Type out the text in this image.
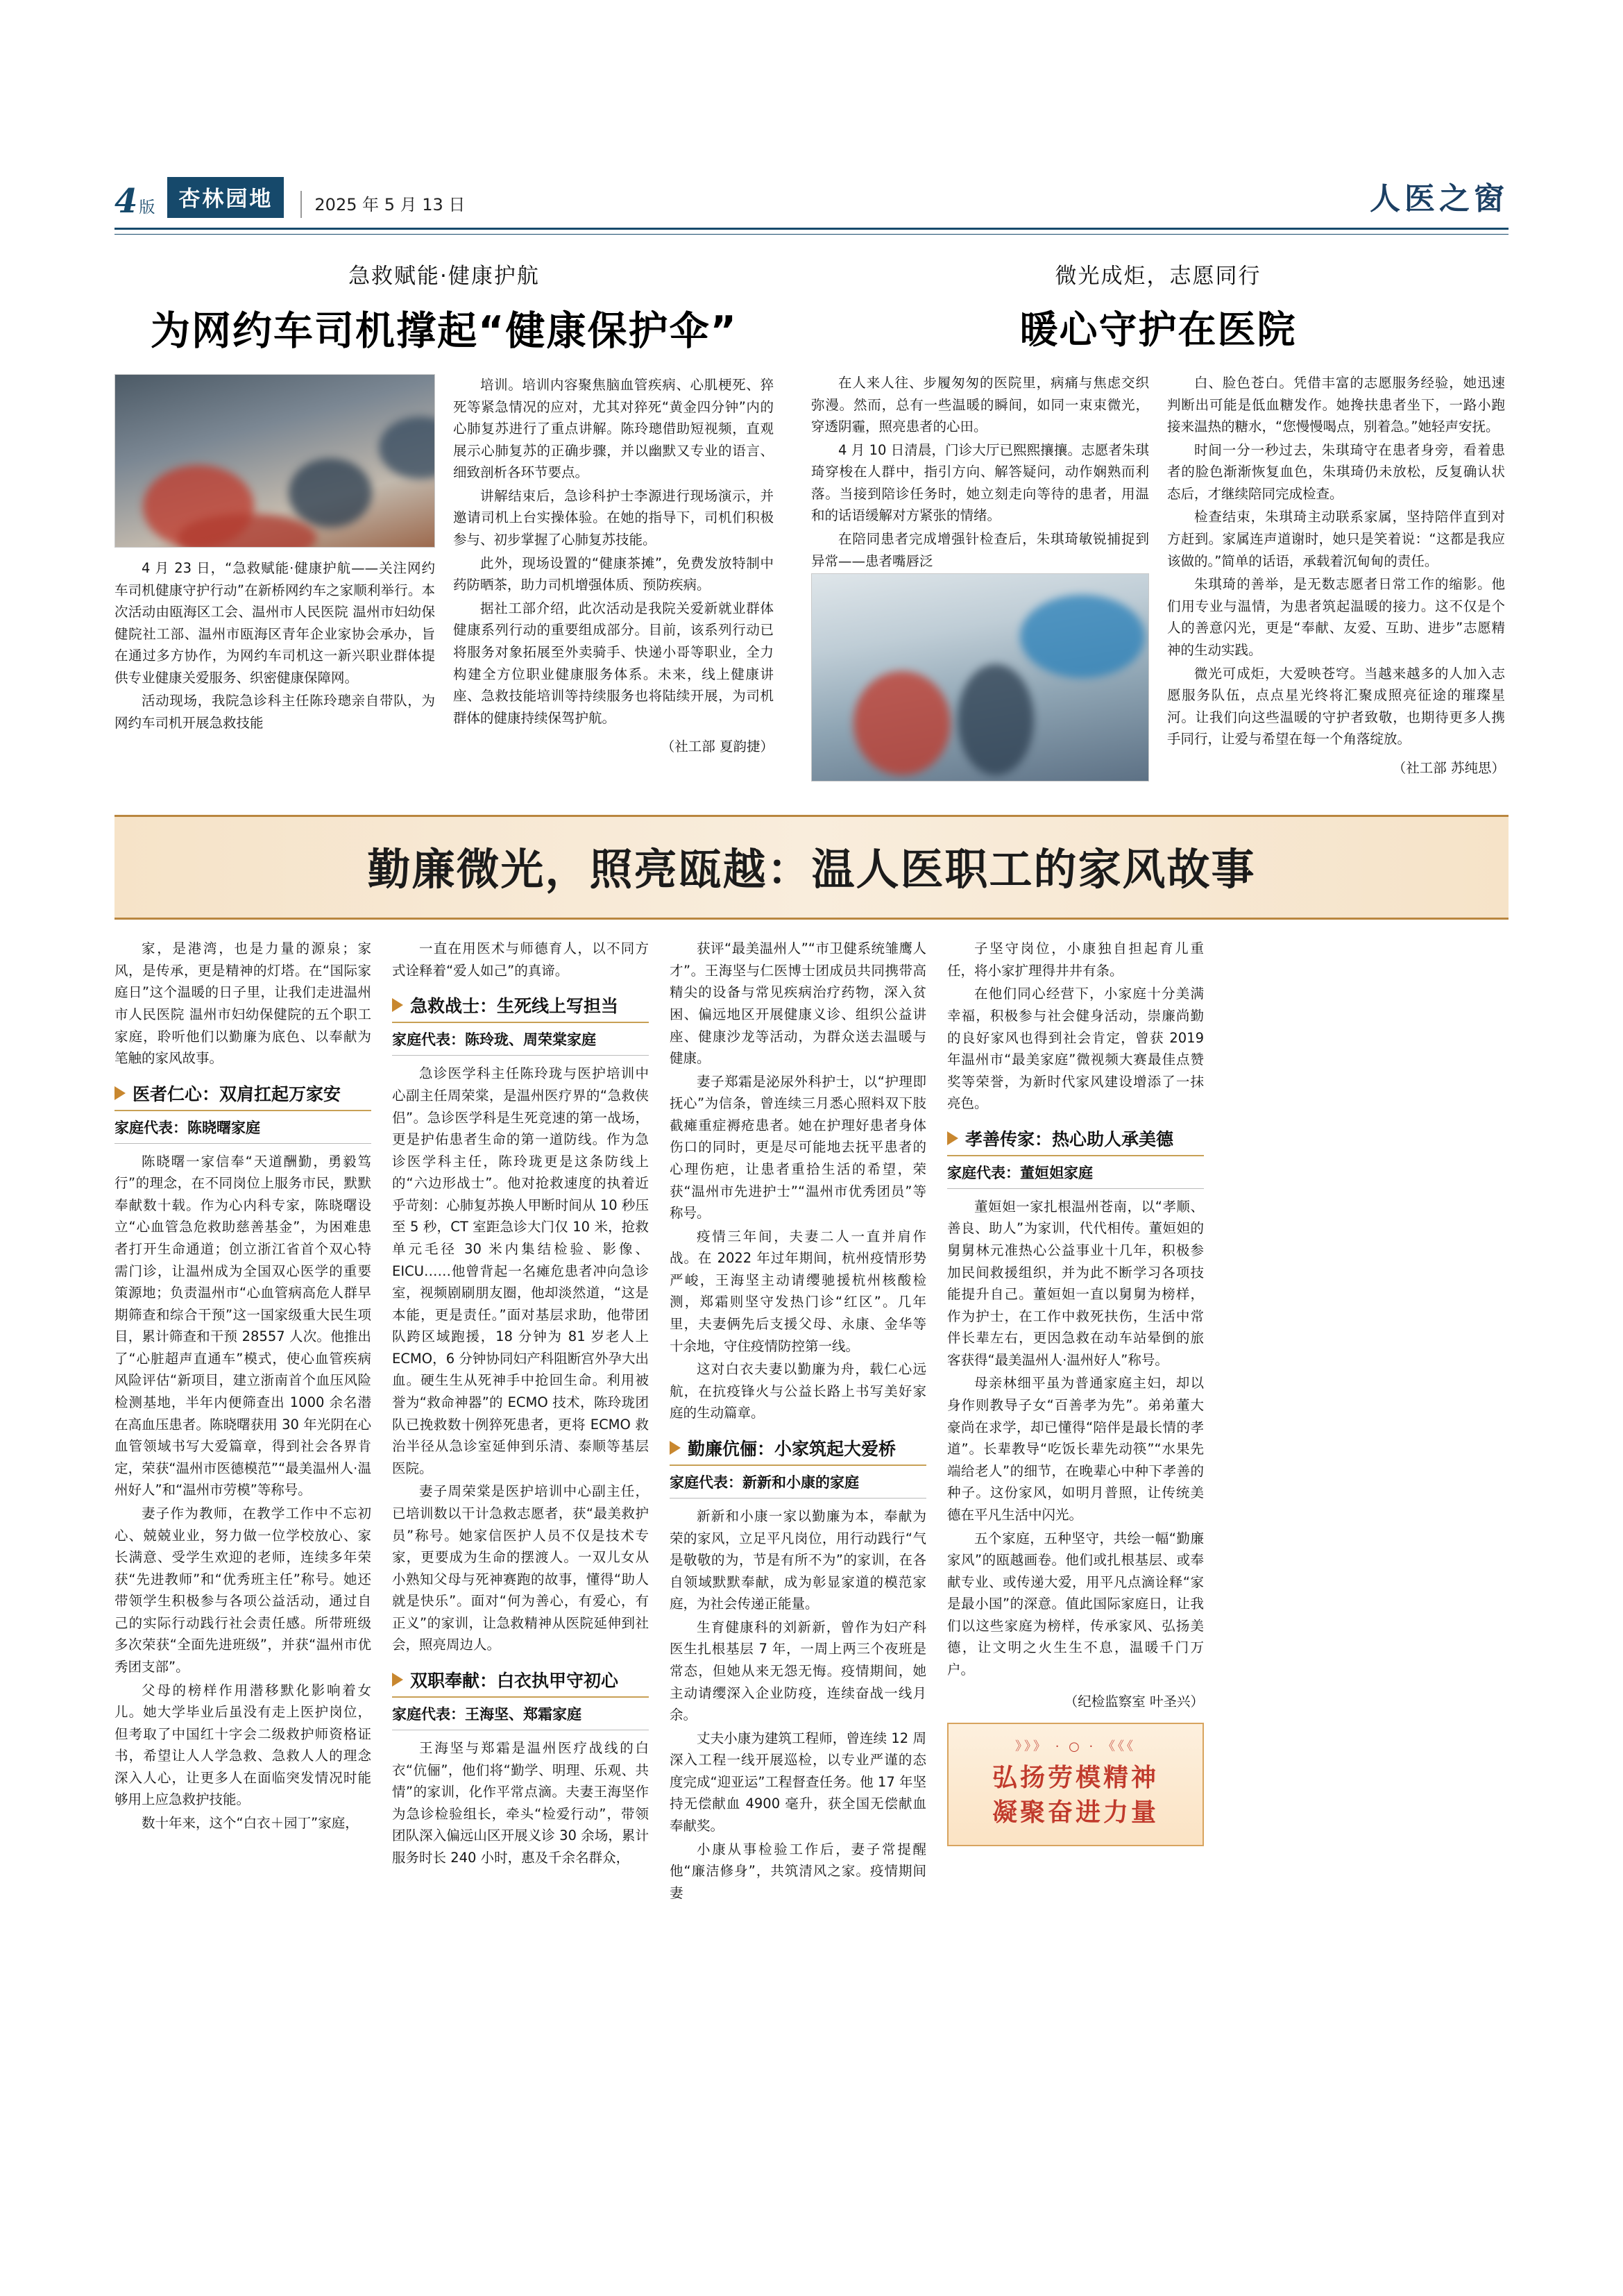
4版	杏林园地	2025 年 5 月 13 日	人医之窗
急救赋能·健康护航
为网约车司机撑起“健康保护伞”

4 月 23 日，“急救赋能·健康护航——关注网约车司机健康守护行动”在新桥网约车之家顺利举行。本次活动由瓯海区工会、温州市人民医院 温州市妇幼保健院社工部、温州市瓯海区青年企业家协会承办，旨在通过多方协作，为网约车司机这一新兴职业群体提供专业健康关爱服务、织密健康保障网。

活动现场，我院急诊科主任陈玲璁亲自带队，为网约车司机开展急救技能

培训。培训内容聚焦脑血管疾病、心肌梗死、猝死等紧急情况的应对，尤其对猝死“黄金四分钟”内的心肺复苏进行了重点讲解。陈玲璁借助短视频，直观展示心肺复苏的正确步骤，并以幽默又专业的语言、细致剖析各环节要点。

讲解结束后，急诊科护士李源进行现场演示，并邀请司机上台实操体验。在她的指导下，司机们积极参与、初步掌握了心肺复苏技能。

此外，现场设置的“健康茶摊”，免费发放特制中药防晒茶，助力司机增强体质、预防疾病。

据社工部介绍，此次活动是我院关爱新就业群体健康系列行动的重要组成部分。目前，该系列行动已将服务对象拓展至外卖骑手、快递小哥等职业，全力构建全方位职业健康服务体系。未来，线上健康讲座、急救技能培训等持续服务也将陆续开展，为司机群体的健康持续保驾护航。

（社工部 夏韵捷）
微光成炬，志愿同行
暖心守护在医院

在人来人往、步履匆匆的医院里，病痛与焦虑交织弥漫。然而，总有一些温暖的瞬间，如同一束束微光，穿透阴霾，照亮患者的心田。

4 月 10 日清晨，门诊大厅已熙熙攘攘。志愿者朱琪琦穿梭在人群中，指引方向、解答疑问，动作娴熟而利落。当接到陪诊任务时，她立刻走向等待的患者，用温和的话语缓解对方紧张的情绪。

在陪同患者完成增强针检查后，朱琪琦敏锐捕捉到异常——患者嘴唇泛

白、脸色苍白。凭借丰富的志愿服务经验，她迅速判断出可能是低血糖发作。她搀扶患者坐下，一路小跑接来温热的糖水，“您慢慢喝点，别着急。”她轻声安抚。

时间一分一秒过去，朱琪琦守在患者身旁，看着患者的脸色渐渐恢复血色，朱琪琦仍未放松，反复确认状态后，才继续陪同完成检查。

检查结束，朱琪琦主动联系家属，坚持陪伴直到对方赶到。家属连声道谢时，她只是笑着说：“这都是我应该做的。”简单的话语，承载着沉甸甸的责任。

朱琪琦的善举，是无数志愿者日常工作的缩影。他们用专业与温情，为患者筑起温暖的接力。这不仅是个人的善意闪光，更是“奉献、友爱、互助、进步”志愿精神的生动实践。

微光可成炬，大爱映苍穹。当越来越多的人加入志愿服务队伍，点点星光终将汇聚成照亮征途的璀璨星河。让我们向这些温暖的守护者致敬，也期待更多人携手同行，让爱与希望在每一个角落绽放。

（社工部 苏纯思）
勤廉微光，照亮瓯越：温人医职工的家风故事

家，是港湾，也是力量的源泉；家风，是传承，更是精神的灯塔。在“国际家庭日”这个温暖的日子里，让我们走进温州市人民医院 温州市妇幼保健院的五个职工家庭，聆听他们以勤廉为底色、以奉献为笔触的家风故事。

医者仁心：双肩扛起万家安
家庭代表：陈晓曙家庭

陈晓曙一家信奉“天道酬勤，勇毅笃行”的理念，在不同岗位上服务市民，默默奉献数十载。作为心内科专家，陈晓曙设立“心血管急危救助慈善基金”，为困难患者打开生命通道；创立浙江省首个双心特需门诊，让温州成为全国双心医学的重要策源地；负责温州市“心血管病高危人群早期筛查和综合干预”这一国家级重大民生项目，累计筛查和干预 28557 人次。他推出了“心脏超声直通车”模式，使心血管疾病风险评估“新项目，建立浙南首个血压风险检测基地，半年内便筛查出 1000 余名潜在高血压患者。陈晓曙获用 30 年光阴在心血管领域书写大爱篇章，得到社会各界肯定，荣获“温州市医德模范”“最美温州人·温州好人”和“温州市劳模”等称号。

妻子作为教师，在教学工作中不忘初心、兢兢业业，努力做一位学校放心、家长满意、受学生欢迎的老师，连续多年荣获“先进教师”和“优秀班主任”称号。她还带领学生积极参与各项公益活动，通过自己的实际行动践行社会责任感。所带班级多次荣获“全面先进班级”，并获“温州市优秀团支部”。

父母的榜样作用潜移默化影响着女儿。她大学毕业后虽没有走上医护岗位，但考取了中国红十字会二级救护师资格证书，希望让人人学急救、急救人人的理念深入人心，让更多人在面临突发情况时能够用上应急救护技能。

数十年来，这个“白衣＋园丁”家庭，

一直在用医术与师德育人，以不同方式诠释着“爱人如己”的真谛。

急救战士：生死线上写担当
家庭代表：陈玲珑、周荣棠家庭

急诊医学科主任陈玲珑与医护培训中心副主任周荣棠，是温州医疗界的“急救侠侣”。急诊医学科是生死竞速的第一战场，更是护佑患者生命的第一道防线。作为急诊医学科主任，陈玲珑更是这条防线上的“六边形战士”。他对抢救速度的执着近乎苛刻：心肺复苏换人甲断时间从 10 秒压至 5 秒，CT 室距急诊大门仅 10 米，抢救单元毛径 30 米内集结检验、影像、EICU……他曾背起一名瘫危患者冲向急诊室，视频剧刷朋友圈，他却淡然道，“这是本能，更是责任。”面对基层求助，他带团队跨区域跑援，18 分钟为 81 岁老人上 ECMO，6 分钟协同妇产科阻断宫外孕大出血。硬生生从死神手中抢回生命。利用被誉为“救命神器”的 ECMO 技术，陈玲珑团队已挽救数十例猝死患者，更将 ECMO 救治半径从急诊室延伸到乐清、泰顺等基层医院。

妻子周荣棠是医护培训中心副主任，已培训数以干计急救志愿者，获“最美救护员”称号。她家信医护人员不仅是技术专家，更要成为生命的摆渡人。一双儿女从小熟知父母与死神赛跑的故事，懂得“助人就是快乐”。面对“何为善心，有爱心，有正义”的家训，让急救精神从医院延伸到社会，照亮周边人。

双职奉献：白衣执甲守初心
家庭代表：王海坚、郑霜家庭

王海坚与郑霜是温州医疗战线的白衣“伉俪”，他们将“勤学、明理、乐观、共情”的家训，化作平常点滴。夫妻王海坚作为急诊检验组长，牵头“检爱行动”，带领团队深入偏远山区开展义诊 30 余场，累计服务时长 240 小时，惠及千余名群众，

获评“最美温州人”“市卫健系统雏鹰人才”。王海坚与仁医博士团成员共同携带高精尖的设备与常见疾病治疗药物，深入贫困、偏远地区开展健康义诊、组织公益讲座、健康沙龙等活动，为群众送去温暖与健康。

妻子郑霜是泌尿外科护士，以“护理即抚心”为信条，曾连续三月悉心照料双下肢截瘫重症褥疮患者。她在护理好患者身体伤口的同时，更是尽可能地去抚平患者的心理伤疤，让患者重拾生活的希望，荣获“温州市先进护士”“温州市优秀团员”等称号。

疫情三年间，夫妻二人一直并肩作战。在 2022 年过年期间，杭州疫情形势严峻，王海坚主动请缨驰援杭州核酸检测，郑霜则坚守发热门诊“红区”。几年里，夫妻俩先后支援父母、永康、金华等十余地，守住疫情防控第一线。

这对白衣夫妻以勤廉为舟，载仁心远航，在抗疫锋火与公益长路上书写美好家庭的生动篇章。

勤廉伉俪：小家筑起大爱桥
家庭代表：新新和小康的家庭

新新和小康一家以勤廉为本，奉献为荣的家风，立足平凡岗位，用行动践行“气是敬敬的为，节是有所不为”的家训，在各自领域默默奉献，成为彰显家道的模范家庭，为社会传递正能量。

生育健康科的刘新新，曾作为妇产科医生扎根基层 7 年，一周上两三个夜班是常态，但她从来无怨无悔。疫情期间，她主动请缨深入企业防疫，连续奋战一线月余。

丈夫小康为建筑工程师，曾连续 12 周深入工程一线开展巡检，以专业严谨的态度完成“迎亚运”工程督查任务。他 17 年坚持无偿献血 4900 毫升，获全国无偿献血奉献奖。

小康从事检验工作后，妻子常提醒他“廉洁修身”，共筑清风之家。疫情期间妻

子坚守岗位，小康独自担起育儿重任，将小家扩理得井井有条。

在他们同心经营下，小家庭十分美满幸福，积极参与社会健身活动，崇廉尚勤的良好家风也得到社会肯定，曾获 2019 年温州市“最美家庭”微视频大赛最佳点赞奖等荣誉，为新时代家风建设增添了一抹亮色。

孝善传家：热心助人承美德
家庭代表：董姮妲家庭

董姮妲一家扎根温州苍南，以“孝顺、善良、助人”为家训，代代相传。董姮妲的舅舅林元准热心公益事业十几年，积极参加民间救援组织，并为此不断学习各项技能提升自己。董姮妲一直以舅舅为榜样，作为护士，在工作中救死扶伤，生活中常伴长辈左右，更因急救在动车站晕倒的旅客获得“最美温州人·温州好人”称号。

母亲林细平虽为普通家庭主妇，却以身作则教导子女“百善孝为先”。弟弟董大豪尚在求学，却已懂得“陪伴是最长情的孝道”。长辈教导“吃饭长辈先动筷”“水果先端给老人”的细节，在晚辈心中种下孝善的种子。这份家风，如明月普照，让传统美德在平凡生活中闪光。

五个家庭，五种坚守，共绘一幅“勤廉家风”的瓯越画卷。他们或扎根基层、或奉献专业、或传递大爱，用平凡点滴诠释“家是最小国”的深意。值此国际家庭日，让我们以这些家庭为榜样，传承家风、弘扬美德，让文明之火生生不息，温暖千门万户。

（纪检监察室 叶圣兴）
》》》 · ○ · 《《《
弘扬劳模精神
凝聚奋进力量
